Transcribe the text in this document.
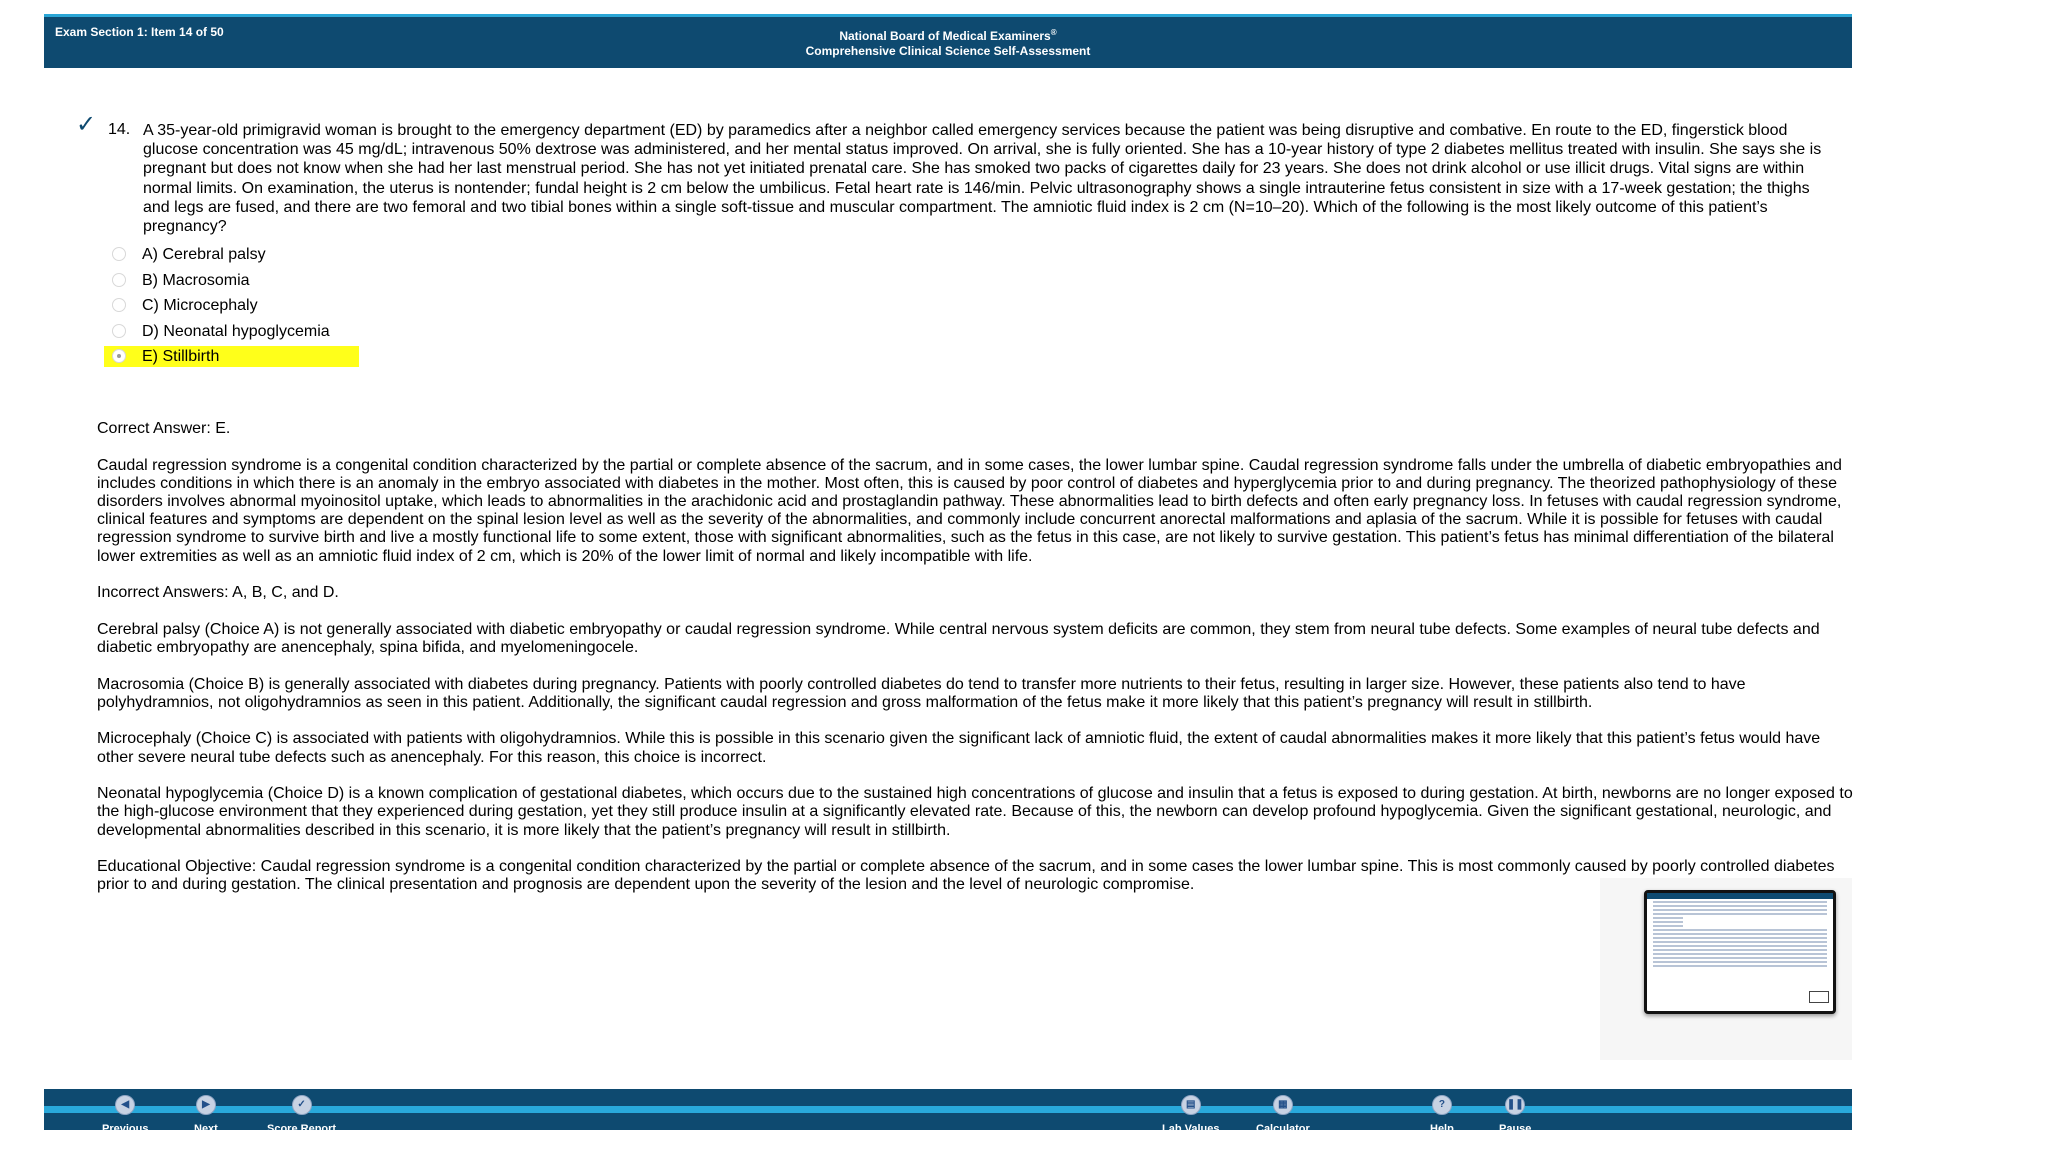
Exam Section 1: Item 14 of 50	National Board of Medical Examiners®
Comprehensive Clinical Science Self-Assessment
✓ 14. A 35-year-old primigravid woman is brought to the emergency department (ED) by paramedics after a neighbor called emergency services because the patient was being disruptive and combative. En route to the ED, fingerstick blood glucose concentration was 45 mg/dL; intravenous 50% dextrose was administered, and her mental status improved. On arrival, she is fully oriented. She has a 10-year history of type 2 diabetes mellitus treated with insulin. She says she is pregnant but does not know when she had her last menstrual period. She has not yet initiated prenatal care. She has smoked two packs of cigarettes daily for 23 years. She does not drink alcohol or use illicit drugs. Vital signs are within normal limits. On examination, the uterus is nontender; fundal height is 2 cm below the umbilicus. Fetal heart rate is 146/min. Pelvic ultrasonography shows a single intrauterine fetus consistent in size with a 17-week gestation; the thighs and legs are fused, and there are two femoral and two tibial bones within a single soft-tissue and muscular compartment. The amniotic fluid index is 2 cm (N=10–20). Which of the following is the most likely outcome of this patient’s pregnancy?
A) Cerebral palsy
B) Macrosomia
C) Microcephaly
D) Neonatal hypoglycemia
E) Stillbirth

Correct Answer: E.

Caudal regression syndrome is a congenital condition characterized by the partial or complete absence of the sacrum, and in some cases, the lower lumbar spine. Caudal regression syndrome falls under the umbrella of diabetic embryopathies and includes conditions in which there is an anomaly in the embryo associated with diabetes in the mother. Most often, this is caused by poor control of diabetes and hyperglycemia prior to and during pregnancy. The theorized pathophysiology of these disorders involves abnormal myoinositol uptake, which leads to abnormalities in the arachidonic acid and prostaglandin pathway. These abnormalities lead to birth defects and often early pregnancy loss. In fetuses with caudal regression syndrome, clinical features and symptoms are dependent on the spinal lesion level as well as the severity of the abnormalities, and commonly include concurrent anorectal malformations and aplasia of the sacrum. While it is possible for fetuses with caudal regression syndrome to survive birth and live a mostly functional life to some extent, those with significant abnormalities, such as the fetus in this case, are not likely to survive gestation. This patient’s fetus has minimal differentiation of the bilateral lower extremities as well as an amniotic fluid index of 2 cm, which is 20% of the lower limit of normal and likely incompatible with life.

Incorrect Answers: A, B, C, and D.

Cerebral palsy (Choice A) is not generally associated with diabetic embryopathy or caudal regression syndrome. While central nervous system deficits are common, they stem from neural tube defects. Some examples of neural tube defects and diabetic embryopathy are anencephaly, spina bifida, and myelomeningocele.

Macrosomia (Choice B) is generally associated with diabetes during pregnancy. Patients with poorly controlled diabetes do tend to transfer more nutrients to their fetus, resulting in larger size. However, these patients also tend to have polyhydramnios, not oligohydramnios as seen in this patient. Additionally, the significant caudal regression and gross malformation of the fetus make it more likely that this patient’s pregnancy will result in stillbirth.

Microcephaly (Choice C) is associated with patients with oligohydramnios. While this is possible in this scenario given the significant lack of amniotic fluid, the extent of caudal abnormalities makes it more likely that this patient’s fetus would have other severe neural tube defects such as anencephaly. For this reason, this choice is incorrect.

Neonatal hypoglycemia (Choice D) is a known complication of gestational diabetes, which occurs due to the sustained high concentrations of glucose and insulin that a fetus is exposed to during gestation. At birth, newborns are no longer exposed to the high-glucose environment that they experienced during gestation, yet they still produce insulin at a significantly elevated rate. Because of this, the newborn can develop profound hypoglycemia. Given the significant gestational, neurologic, and developmental abnormalities described in this scenario, it is more likely that the patient’s pregnancy will result in stillbirth.

Educational Objective: Caudal regression syndrome is a congenital condition characterized by the partial or complete absence of the sacrum, and in some cases the lower lumbar spine. This is most commonly caused by poorly controlled diabetes prior to and during gestation. The clinical presentation and prognosis are dependent upon the severity of the lesion and the level of neurologic compromise.

◀
Previous
▶
Next
✓
Score Report
▤
Lab Values
▦
Calculator
?
Help
❚❚
Pause
